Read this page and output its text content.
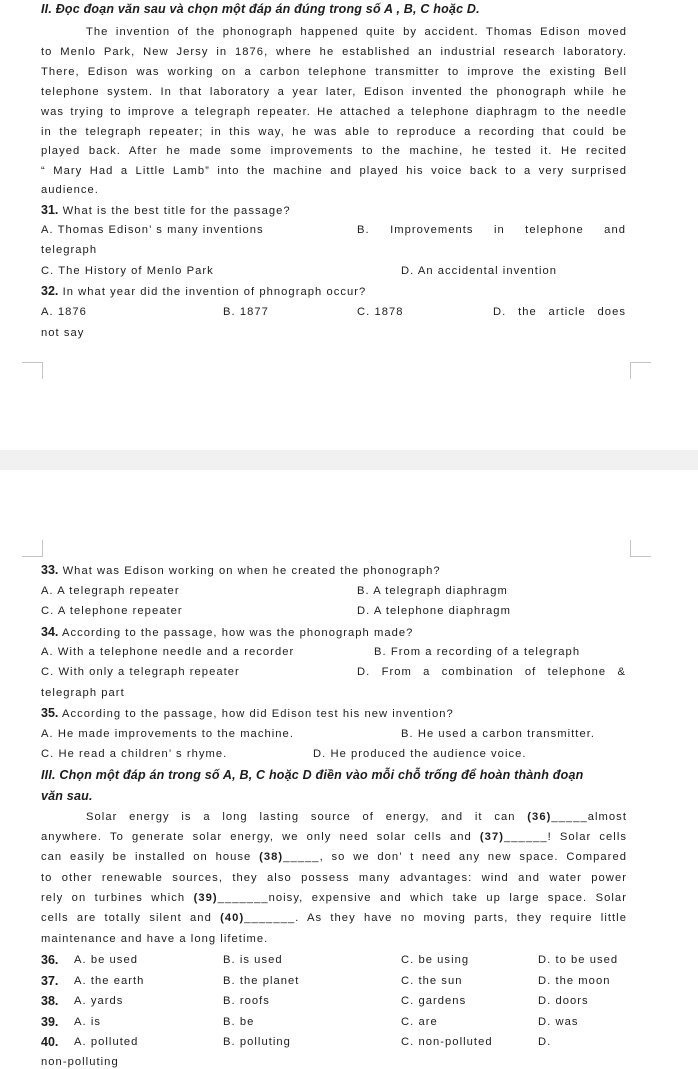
II. Đọc đoạn văn sau và chọn một đáp án đúng trong số A , B, C hoặc D.
The invention of the phonograph happened quite by accident. Thomas Edison moved
to Menlo Park, New Jersy in 1876, where he established an industrial research laboratory.
There, Edison was working on a carbon telephone transmitter to improve the existing Bell
telephone system. In that laboratory a year later, Edison invented the phonograph while he
was trying to improve a telegraph repeater. He attached a telephone diaphragm to the needle
in the telegraph repeater; in this way, he was able to reproduce a recording that could be
played back. After he made some improvements to the machine, he tested it. He recited
“ Mary Had a Little Lamb” into the machine and played his voice back to a very surprised
audience.
31. What is the best title for the passage?
A. Thomas Edison’ s many inventions	B. Improvements in telephone and
telegraph
C. The History of Menlo Park	D. An accidental invention
32. In what year did the invention of phnograph occur?
A. 1876	B. 1877	C. 1878	D. the article does
not say
33. What was Edison working on when he created the phonograph?
A. A telegraph repeater	B. A telegraph diaphragm
C. A telephone repeater	D. A telephone diaphragm
34. According to the passage, how was the phonograph made?
A. With a telephone needle and a recorder	B. From a recording of a telegraph
C. With only a telegraph repeater	D. From a combination of telephone &
telegraph part
35. According to the passage, how did Edison test his new invention?
A. He made improvements to the machine.	B. He used a carbon transmitter.
C. He read a children’ s rhyme.	D. He produced the audience voice.
III. Chọn một đáp án trong số A, B, C hoặc D điền vào mỗi chỗ trống để hoàn thành đoạn
văn sau.
Solar energy is a long lasting source of energy, and it can (36)_____almost
anywhere. To generate solar energy, we only need solar cells and (37)______! Solar cells
can easily be installed on house (38)_____, so we don’ t need any new space. Compared
to other renewable sources, they also possess many advantages: wind and water power
rely on turbines which (39)_______noisy, expensive and which take up large space. Solar
cells are totally silent and (40)_______. As they have no moving parts, they require little
maintenance and have a long lifetime.
36. A. be used	B. is used	C. be using	D. to be used
37. A. the earth	B. the planet	C. the sun	D. the moon
38. A. yards	B. roofs	C. gardens	D. doors
39. A. is	B. be	C. are	D. was
40. A. polluted	B. polluting	C. non-polluted	D.
non-polluting
